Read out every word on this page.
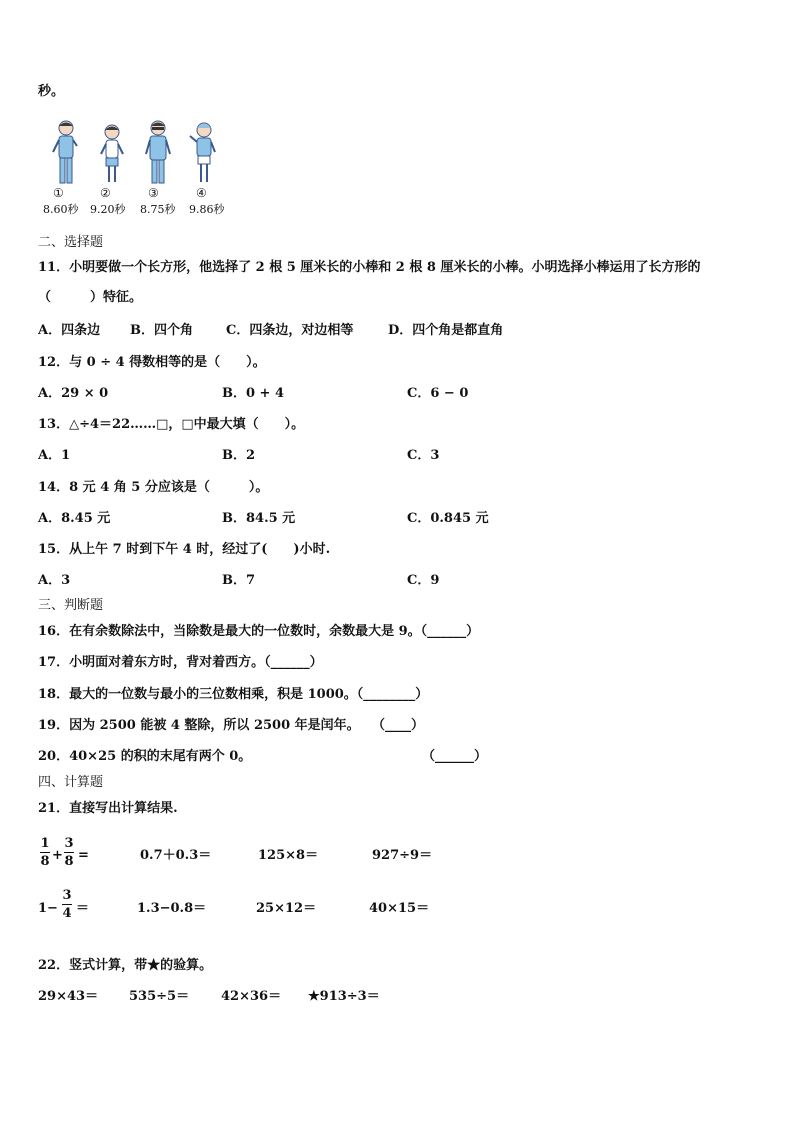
秒。
①	②	③	④
8.60秒 9.20秒 8.75秒 9.86秒
二、选择题
11．小明要做一个长方形，他选择了 2 根 5 厘米长的小棒和 2 根 8 厘米长的小棒。小明选择小棒运用了长方形的
（　　　）特征。
A．四条边 B．四个角	C．四条边，对边相等	D．四个角是都直角
12．与 0 ÷ 4 得数相等的是（　　）。
A．29 × 0	B．0 + 4	C．6 − 0
13．△÷4＝22……□，□中最大填（　　）。
A．1	B．2	C．3
14．8 元 4 角 5 分应该是（　　　）。
A．8.45 元	B．84.5 元	C．0.845 元
15．从上午 7 时到下午 4 时，经过了(　　)小时.
A．3	B．7	C．9
三、判断题
16．在有余数除法中，当除数是最大的一位数时，余数最大是 9。（______）
17．小明面对着东方时，背对着西方。（______）
18．最大的一位数与最小的三位数相乘，积是 1000。（________）
19．因为 2500 能被 4 整除，所以 2500 年是闰年。 （____）
20．40×25 的积的末尾有两个 0。	（______）
四、计算题
21．直接写出计算结果.
1
8 +
3
8 =	0.7＋0.3＝	125×8＝	927÷9＝
1−
3
4 ＝	1.3−0.8＝	25×12＝	40×15＝
22．竖式计算，带★的验算。
29×43＝ 535÷5＝ 42×36＝ ★913÷3＝
